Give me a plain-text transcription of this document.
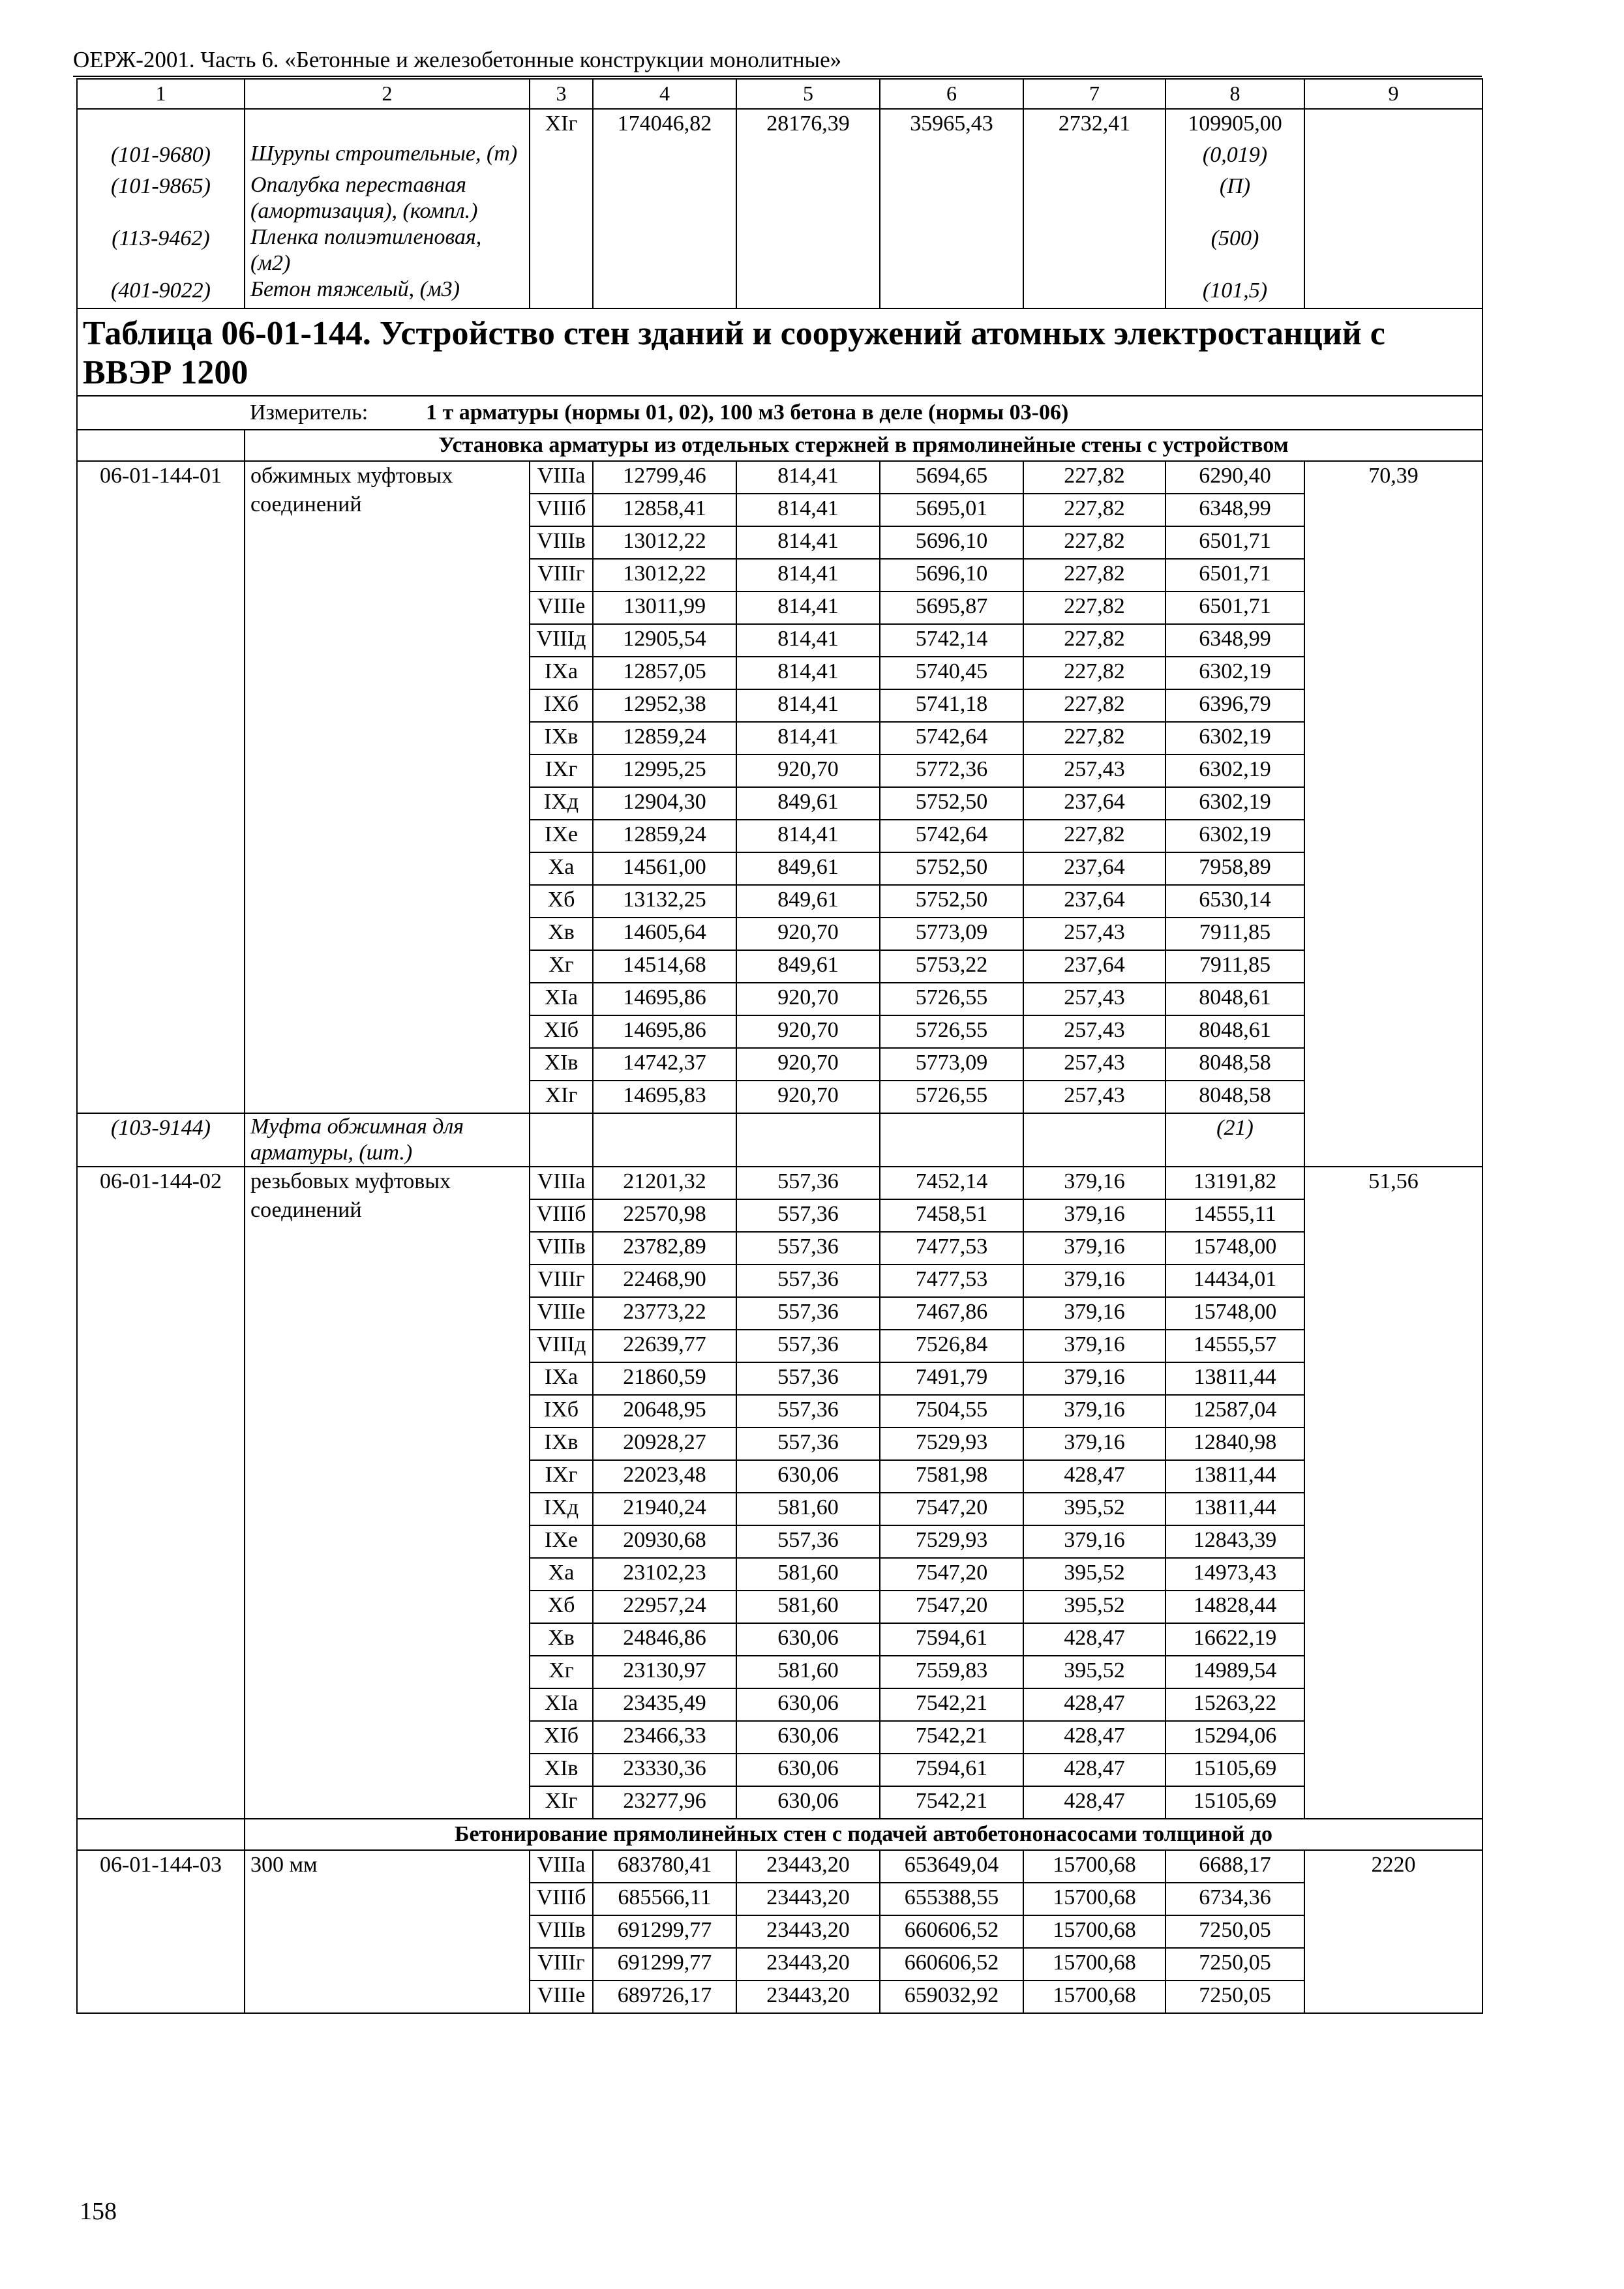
ОЕРЖ-2001. Часть 6. «Бетонные и железобетонные конструкции монолитные»
1	2	3	4	5	6	7	8	9
		XIг	174046,82	28176,39	35965,43	2732,41	109905,00	
(101-9680)	Шурупы строительные, (т)						(0,019)	
(101-9865)	Опалубка переставная (амортизация), (компл.)						(П)	
(113-9462)	Пленка полиэтиленовая, (м2)						(500)	
(401-9022)	Бетон тяжелый, (м3)						(101,5)	
Таблица 06-01-144. Устройство стен зданий и сооружений атомных электростанций с ВВЭР 1200								
Измеритель: 1 т арматуры (нормы 01, 02), 100 м3 бетона в деле (нормы 03-06)								
	Установка арматуры из отдельных стержней в прямолинейные стены с устройством							
06-01-144-01	обжимных муфтовых соединений	VIIIа	12799,46	814,41	5694,65	227,82	6290,40	70,39
		VIIIб	12858,41	814,41	5695,01	227,82	6348,99	
		VIIIв	13012,22	814,41	5696,10	227,82	6501,71	
		VIIIг	13012,22	814,41	5696,10	227,82	6501,71	
		VIIIе	13011,99	814,41	5695,87	227,82	6501,71	
		VIIIд	12905,54	814,41	5742,14	227,82	6348,99	
		IXа	12857,05	814,41	5740,45	227,82	6302,19	
		IXб	12952,38	814,41	5741,18	227,82	6396,79	
		IXв	12859,24	814,41	5742,64	227,82	6302,19	
		IXг	12995,25	920,70	5772,36	257,43	6302,19	
		IXд	12904,30	849,61	5752,50	237,64	6302,19	
		IXе	12859,24	814,41	5742,64	227,82	6302,19	
		Xа	14561,00	849,61	5752,50	237,64	7958,89	
		Xб	13132,25	849,61	5752,50	237,64	6530,14	
		Xв	14605,64	920,70	5773,09	257,43	7911,85	
		Xг	14514,68	849,61	5753,22	237,64	7911,85	
		XIа	14695,86	920,70	5726,55	257,43	8048,61	
		XIб	14695,86	920,70	5726,55	257,43	8048,61	
		XIв	14742,37	920,70	5773,09	257,43	8048,58	
		XIг	14695,83	920,70	5726,55	257,43	8048,58	
(103-9144)	Муфта обжимная для арматуры, (шт.)						(21)	
06-01-144-02	резьбовых муфтовых соединений	VIIIа	21201,32	557,36	7452,14	379,16	13191,82	51,56
		VIIIб	22570,98	557,36	7458,51	379,16	14555,11	
		VIIIв	23782,89	557,36	7477,53	379,16	15748,00	
		VIIIг	22468,90	557,36	7477,53	379,16	14434,01	
		VIIIе	23773,22	557,36	7467,86	379,16	15748,00	
		VIIIд	22639,77	557,36	7526,84	379,16	14555,57	
		IXа	21860,59	557,36	7491,79	379,16	13811,44	
		IXб	20648,95	557,36	7504,55	379,16	12587,04	
		IXв	20928,27	557,36	7529,93	379,16	12840,98	
		IXг	22023,48	630,06	7581,98	428,47	13811,44	
		IXд	21940,24	581,60	7547,20	395,52	13811,44	
		IXе	20930,68	557,36	7529,93	379,16	12843,39	
		Xа	23102,23	581,60	7547,20	395,52	14973,43	
		Xб	22957,24	581,60	7547,20	395,52	14828,44	
		Xв	24846,86	630,06	7594,61	428,47	16622,19	
		Xг	23130,97	581,60	7559,83	395,52	14989,54	
		XIа	23435,49	630,06	7542,21	428,47	15263,22	
		XIб	23466,33	630,06	7542,21	428,47	15294,06	
		XIв	23330,36	630,06	7594,61	428,47	15105,69	
		XIг	23277,96	630,06	7542,21	428,47	15105,69	
	Бетонирование прямолинейных стен с подачей автобетононасосами толщиной до							
06-01-144-03	300 мм	VIIIа	683780,41	23443,20	653649,04	15700,68	6688,17	2220
		VIIIб	685566,11	23443,20	655388,55	15700,68	6734,36	
		VIIIв	691299,77	23443,20	660606,52	15700,68	7250,05	
		VIIIг	691299,77	23443,20	660606,52	15700,68	7250,05	
		VIIIе	689726,17	23443,20	659032,92	15700,68	7250,05	
158
